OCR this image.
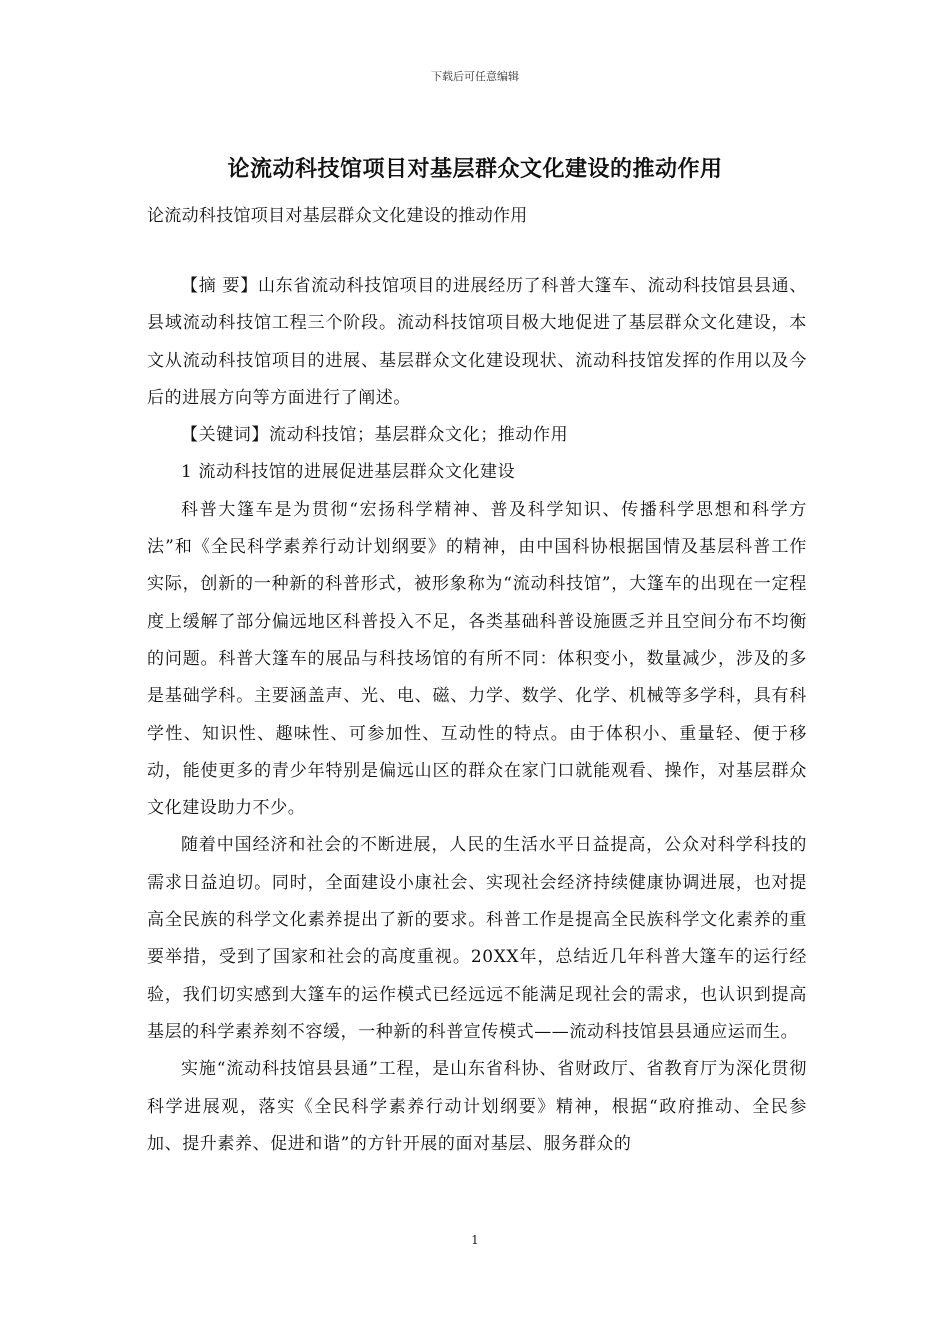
下载后可任意编辑
论流动科技馆项目对基层群众文化建设的推动作用
论流动科技馆项目对基层群众文化建设的推动作用

【摘 要】山东省流动科技馆项目的进展经历了科普大篷车、流动科技馆县县通、县域流动科技馆工程三个阶段。流动科技馆项目极大地促进了基层群众文化建设，本文从流动科技馆项目的进展、基层群众文化建设现状、流动科技馆发挥的作用以及今后的进展方向等方面进行了阐述。

【关键词】流动科技馆；基层群众文化；推动作用

1 流动科技馆的进展促进基层群众文化建设

科普大篷车是为贯彻“宏扬科学精神、普及科学知识、传播科学思想和科学方法”和《全民科学素养行动计划纲要》的精神，由中国科协根据国情及基层科普工作实际，创新的一种新的科普形式，被形象称为“流动科技馆”，大篷车的出现在一定程度上缓解了部分偏远地区科普投入不足，各类基础科普设施匮乏并且空间分布不均衡的问题。科普大篷车的展品与科技场馆的有所不同：体积变小，数量减少，涉及的多是基础学科。主要涵盖声、光、电、磁、力学、数学、化学、机械等多学科，具有科学性、知识性、趣味性、可参加性、互动性的特点。由于体积小、重量轻、便于移动，能使更多的青少年特别是偏远山区的群众在家门口就能观看、操作，对基层群众文化建设助力不少。

随着中国经济和社会的不断进展，人民的生活水平日益提高，公众对科学科技的需求日益迫切。同时，全面建设小康社会、实现社会经济持续健康协调进展，也对提高全民族的科学文化素养提出了新的要求。科普工作是提高全民族科学文化素养的重要举措，受到了国家和社会的高度重视。20XX年，总结近几年科普大篷车的运行经验，我们切实感到大篷车的运作模式已经远远不能满足现社会的需求，也认识到提高基层的科学素养刻不容缓，一种新的科普宣传模式——流动科技馆县县通应运而生。

实施“流动科技馆县县通”工程，是山东省科协、省财政厅、省教育厅为深化贯彻科学进展观，落实《全民科学素养行动计划纲要》精神，根据“政府推动、全民参加、提升素养、促进和谐”的方针开展的面对基层、服务群众的

1
